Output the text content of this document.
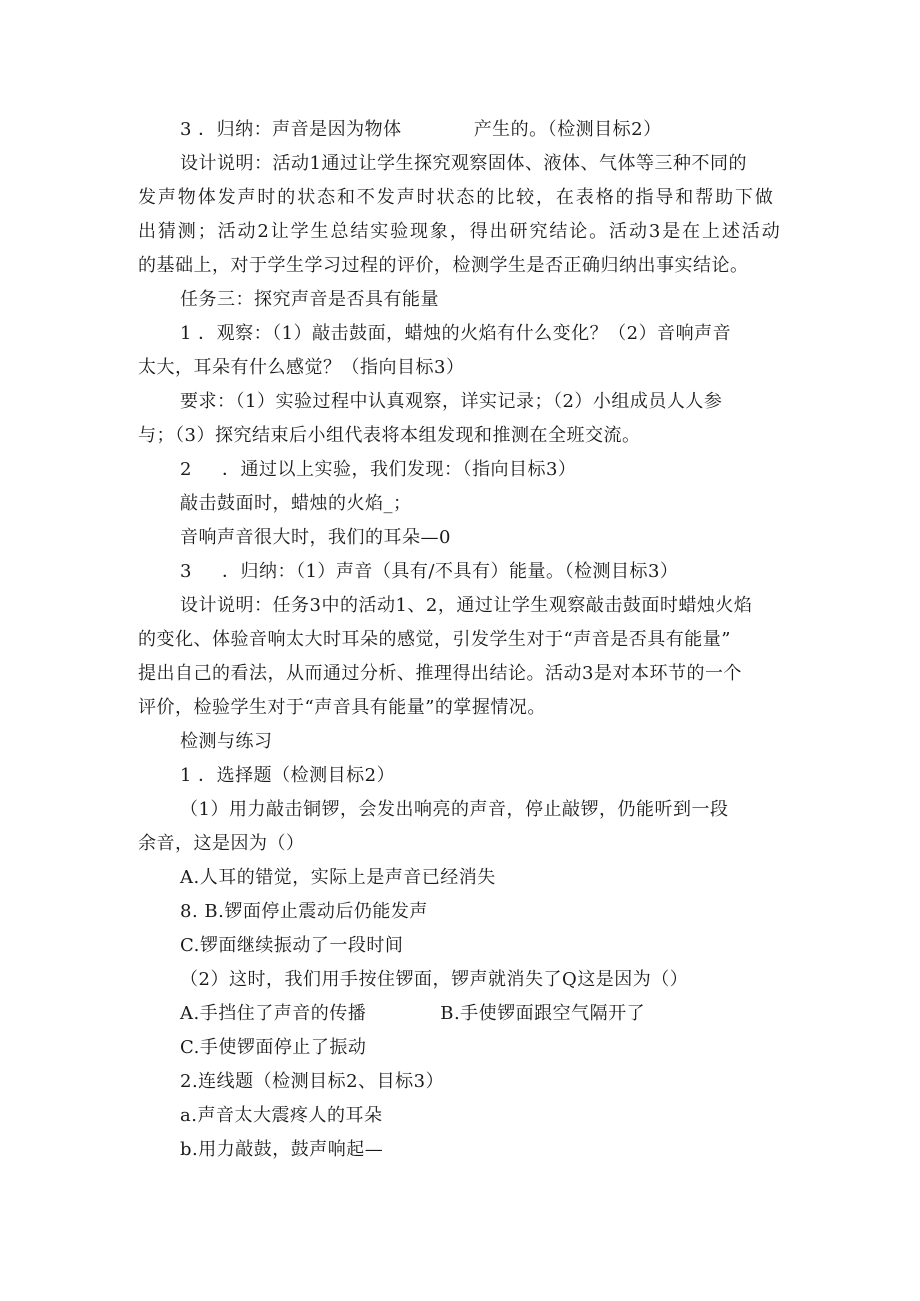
3 ．归纳：声音是因为物体	产生的。（检测目标2）
设计说明：活动1通过让学生探究观察固体、液体、气体等三种不同的
发声物体发声时的状态和不发声时状态的比较，在表格的指导和帮助下做
出猜测；活动2让学生总结实验现象，得出研究结论。活动3是在上述活动
的基础上，对于学生学习过程的评价，检测学生是否正确归纳出事实结论。
任务三：探究声音是否具有能量
1 ．观察：（1）敲击鼓面，蜡烛的火焰有什么变化？（2）音响声音
太大，耳朵有什么感觉？（指向目标3）
要求：（1）实验过程中认真观察，详实记录；（2）小组成员人人参
与；（3）探究结束后小组代表将本组发现和推测在全班交流。
2 ．通过以上实验，我们发现：（指向目标3）
敲击鼓面时，蜡烛的火焰_；
音响声音很大时，我们的耳朵—0
3 ．归纳：（1）声音（具有/不具有）能量。（检测目标3）
设计说明：任务3中的活动1、2，通过让学生观察敲击鼓面时蜡烛火焰
的变化、体验音响太大时耳朵的感觉，引发学生对于“声音是否具有能量”
提出自己的看法，从而通过分析、推理得出结论。活动3是对本环节的一个
评价，检验学生对于“声音具有能量”的掌握情况。
检测与练习
1 ．选择题（检测目标2）
（1）用力敲击铜锣，会发出响亮的声音，停止敲锣，仍能听到一段
余音，这是因为（）
A.人耳的错觉，实际上是声音已经消失
8. B.锣面停止震动后仍能发声
C.锣面继续振动了一段时间
（2）这时，我们用手按住锣面，锣声就消失了Q这是因为（）
A.手挡住了声音的传播	B.手使锣面跟空气隔开了
C.手使锣面停止了振动
2.连线题（检测目标2、目标3）
a.声音太大震疼人的耳朵
b.用力敲鼓，鼓声响起—
